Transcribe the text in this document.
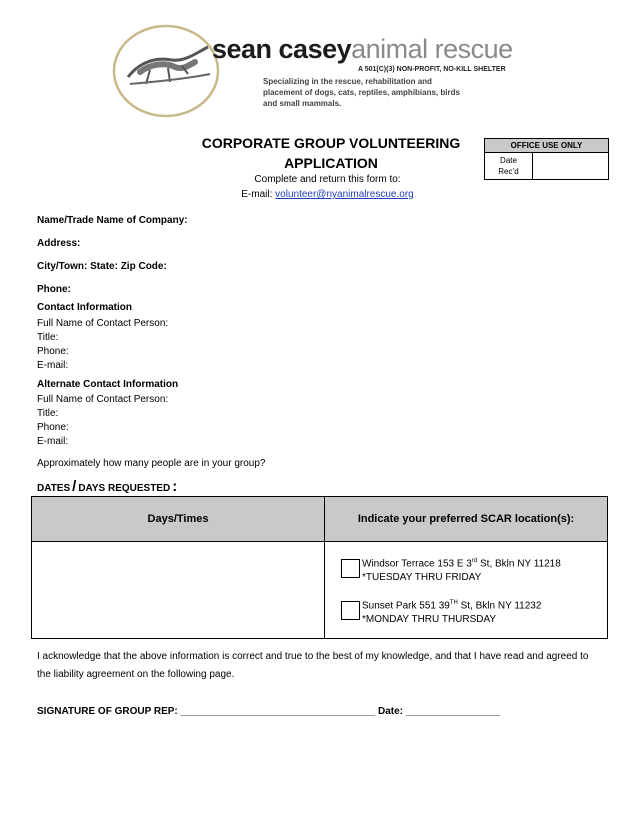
sean caseyanimal rescue
A 501(C)(3) NON-PROFIT, NO-KILL SHELTER
Specializing in the rescue, rehabilitation and placement of dogs, cats, reptiles, amphibians, birds and small mammals.
CORPORATE GROUP VOLUNTEERING
APPLICATION
Complete and return this form to:
E-mail: volunteer@nyanimalrescue.org
OFFICE USE ONLY
Date
Rec’d
Name/Trade Name of Company:
Address:
City/Town: State: Zip Code:
Phone:
Contact Information
Full Name of Contact Person:
Title:
Phone:
E-mail:
Alternate Contact Information
Full Name of Contact Person:
Title:
Phone:
E-mail:
Approximately how many people are in your group?
DATES / DAYS REQUESTED :
Days/Times	Indicate your preferred SCAR location(s):

	Windsor Terrace 153 E 3rd St, Bkln NY 11218
*TUESDAY THRU FRIDAY
Sunset Park 551 39TH St, Bkln NY 11232
*MONDAY THRU THURSDAY
I acknowledge that the above information is correct and true to the best of my knowledge, and that I have read and agreed to the liability agreement on the following page.
SIGNATURE OF GROUP REP: ___________________________________ Date: _________________
